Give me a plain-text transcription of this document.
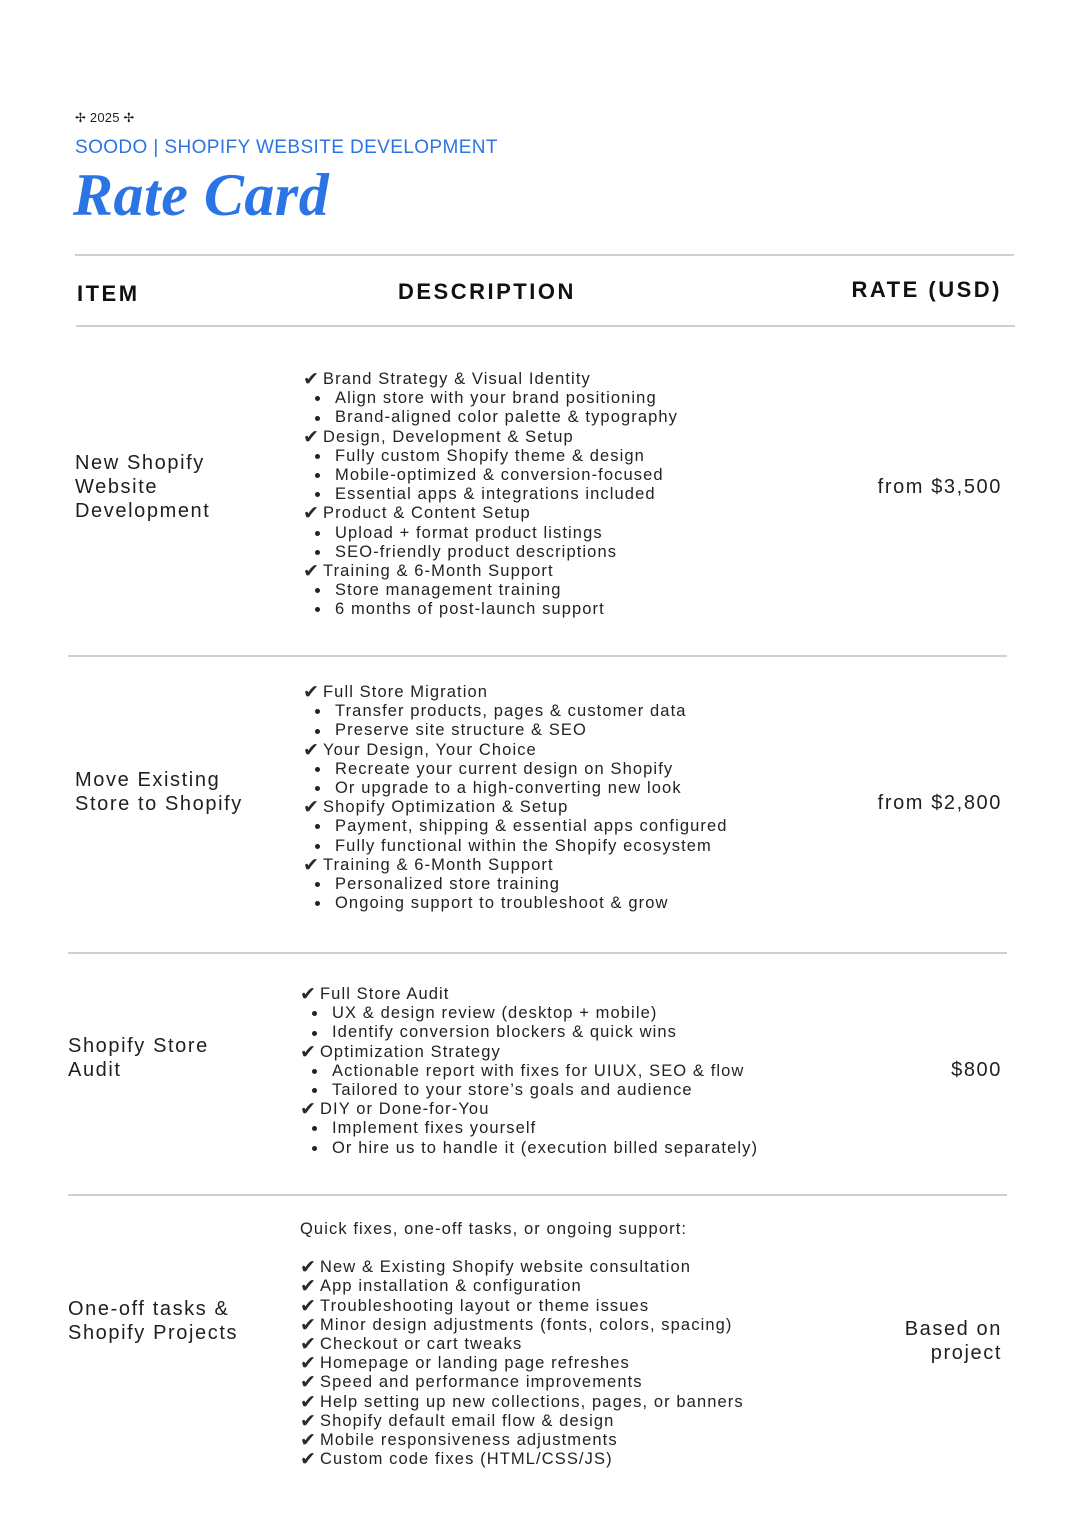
✢ 2025 ✢
SOODO | SHOPIFY WEBSITE DEVELOPMENT
Rate Card
ITEM	DESCRIPTION	RATE (USD)
New Shopify Website Development
✔ Brand Strategy & Visual Identity
Align store with your brand positioning
Brand-aligned color palette & typography
✔ Design, Development & Setup
Fully custom Shopify theme & design
Mobile-optimized & conversion-focused
Essential apps & integrations included
✔ Product & Content Setup
Upload + format product listings
SEO-friendly product descriptions
✔ Training & 6-Month Support
Store management training
6 months of post-launch support
from $3,500
Move Existing Store to Shopify
✔ Full Store Migration
Transfer products, pages & customer data
Preserve site structure & SEO
✔ Your Design, Your Choice
Recreate your current design on Shopify
Or upgrade to a high-converting new look
✔ Shopify Optimization & Setup
Payment, shipping & essential apps configured
Fully functional within the Shopify ecosystem
✔ Training & 6-Month Support
Personalized store training
Ongoing support to troubleshoot & grow
from $2,800
Shopify Store Audit
✔ Full Store Audit
UX & design review (desktop + mobile)
Identify conversion blockers & quick wins
✔ Optimization Strategy
Actionable report with fixes for UIUX, SEO & flow
Tailored to your store’s goals and audience
✔ DIY or Done-for-You
Implement fixes yourself
Or hire us to handle it (execution billed separately)
$800
One-off tasks & Shopify Projects
Quick fixes, one-off tasks, or ongoing support:
✔ New & Existing Shopify website consultation
✔ App installation & configuration
✔ Troubleshooting layout or theme issues
✔ Minor design adjustments (fonts, colors, spacing)
✔ Checkout or cart tweaks
✔ Homepage or landing page refreshes
✔ Speed and performance improvements
✔ Help setting up new collections, pages, or banners
✔ Shopify default email flow & design
✔ Mobile responsiveness adjustments
✔ Custom code fixes (HTML/CSS/JS)
Based on project
